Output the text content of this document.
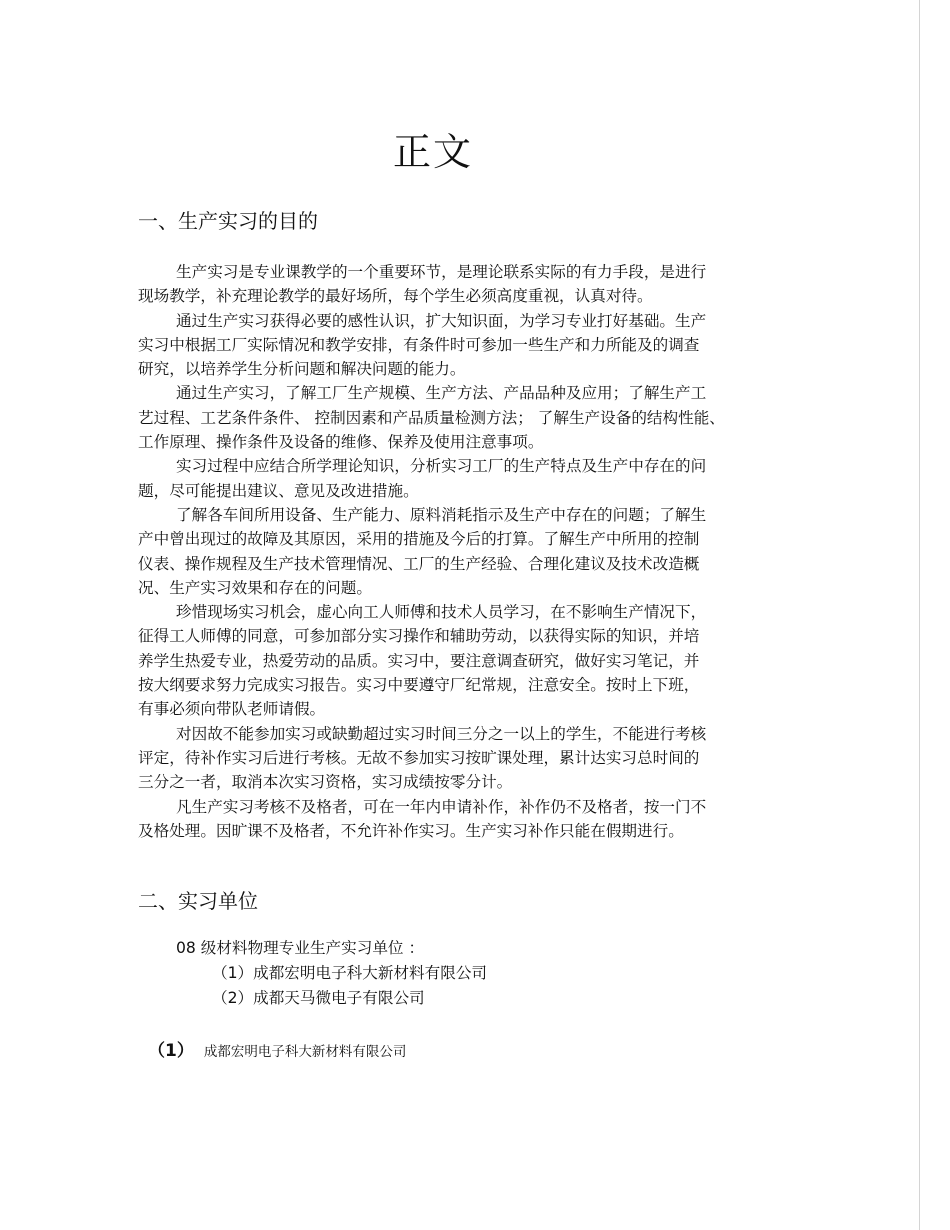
正文
一、生产实习的目的
生产实习是专业课教学的一个重要环节，是理论联系实际的有力手段，是进行
现场教学，补充理论教学的最好场所，每个学生必须高度重视，认真对待。
通过生产实习获得必要的感性认识，扩大知识面，为学习专业打好基础。生产
实习中根据工厂实际情况和教学安排，有条件时可参加一些生产和力所能及的调查
研究，以培养学生分析问题和解决问题的能力。
通过生产实习，了解工厂生产规模、生产方法、产品品种及应用；了解生产工
艺过程、工艺条件条件、 控制因素和产品质量检测方法； 了解生产设备的结构性能、
工作原理、操作条件及设备的维修、保养及使用注意事项。
实习过程中应结合所学理论知识，分析实习工厂的生产特点及生产中存在的问
题，尽可能提出建议、意见及改进措施。
了解各车间所用设备、生产能力、原料消耗指示及生产中存在的问题；了解生
产中曾出现过的故障及其原因，采用的措施及今后的打算。了解生产中所用的控制
仪表、操作规程及生产技术管理情况、工厂的生产经验、合理化建议及技术改造概
况、生产实习效果和存在的问题。
珍惜现场实习机会，虚心向工人师傅和技术人员学习，在不影响生产情况下，
征得工人师傅的同意，可参加部分实习操作和辅助劳动，以获得实际的知识，并培
养学生热爱专业，热爱劳动的品质。实习中，要注意调查研究，做好实习笔记，并
按大纲要求努力完成实习报告。实习中要遵守厂纪常规，注意安全。按时上下班，
有事必须向带队老师请假。
对因故不能参加实习或缺勤超过实习时间三分之一以上的学生，不能进行考核
评定，待补作实习后进行考核。无故不参加实习按旷课处理，累计达实习总时间的
三分之一者，取消本次实习资格，实习成绩按零分计。
凡生产实习考核不及格者，可在一年内申请补作，补作仍不及格者，按一门不
及格处理。因旷课不及格者，不允许补作实习。生产实习补作只能在假期进行。
二、实习单位
08 级材料物理专业生产实习单位 ：
（1）成都宏明电子科大新材料有限公司
（2）成都天马微电子有限公司
（1） 成都宏明电子科大新材料有限公司
